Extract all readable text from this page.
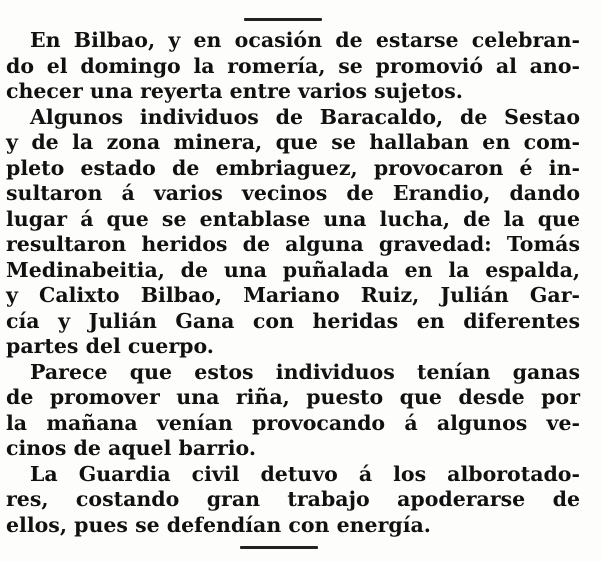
En Bilbao, y en ocasión de estarse celebran-
do el domingo la romería, se promovió al ano-
checer una reyerta entre varios sujetos.

Algunos individuos de Baracaldo, de Sestao
y de la zona minera, que se hallaban en com-
pleto estado de embriaguez, provocaron é in-
sultaron á varios vecinos de Erandio, dando
lugar á que se entablase una lucha, de la que
resultaron heridos de alguna gravedad: Tomás
Medinabeitia, de una puñalada en la espalda,
y Calixto Bilbao, Mariano Ruiz, Julián Gar-
cía y Julián Gana con heridas en diferentes
partes del cuerpo.

Parece que estos individuos tenían ganas
de promover una riña, puesto que desde por
la mañana venían provocando á algunos ve-
cinos de aquel barrio.

La Guardia civil detuvo á los alborotado-
res, costando gran trabajo apoderarse de
ellos, pues se defendían con energía.
